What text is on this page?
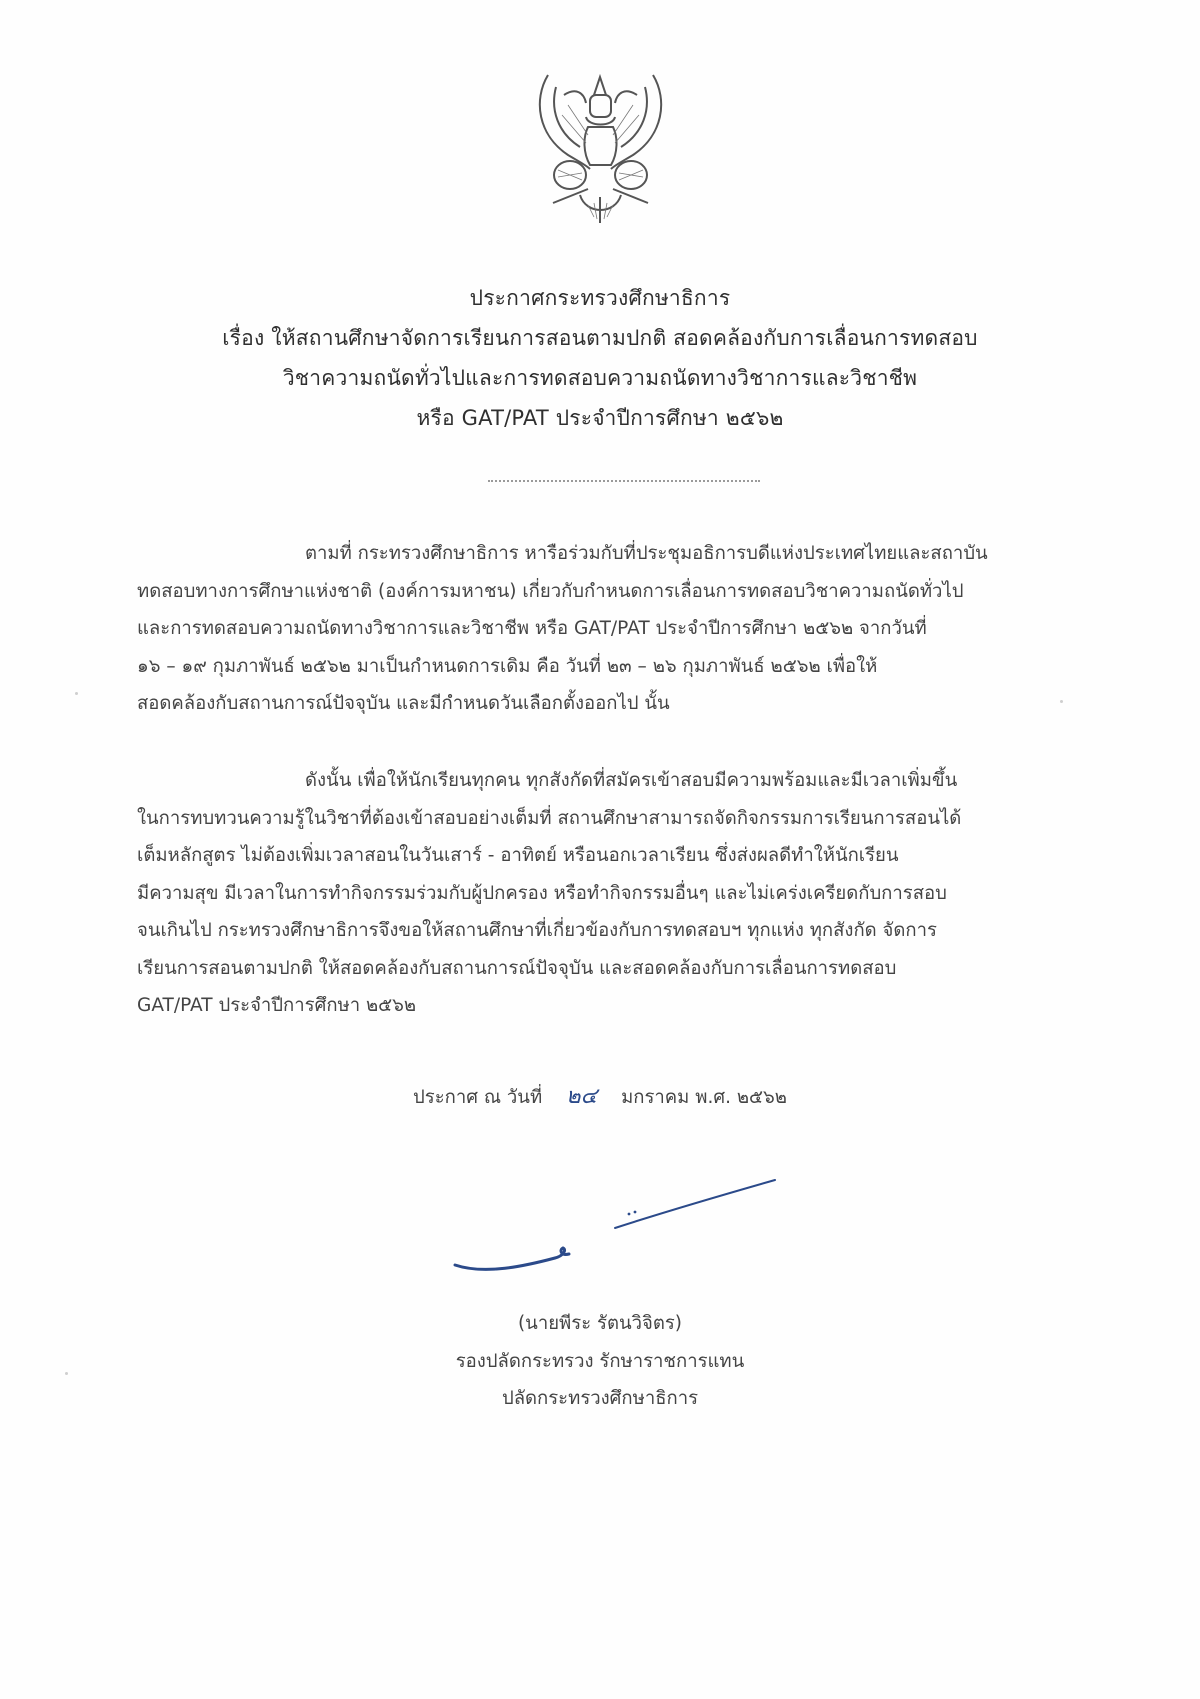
ประกาศกระทรวงศึกษาธิการ
เรื่อง ให้สถานศึกษาจัดการเรียนการสอนตามปกติ สอดคล้องกับการเลื่อนการทดสอบ
วิชาความถนัดทั่วไปและการทดสอบความถนัดทางวิชาการและวิชาชีพ
หรือ GAT/PAT ประจำปีการศึกษา ๒๕๖๒
ตามที่ กระทรวงศึกษาธิการ หารือร่วมกับที่ประชุมอธิการบดีแห่งประเทศไทยและสถาบัน
ทดสอบทางการศึกษาแห่งชาติ (องค์การมหาชน) เกี่ยวกับกำหนดการเลื่อนการทดสอบวิชาความถนัดทั่วไป
และการทดสอบความถนัดทางวิชาการและวิชาชีพ หรือ GAT/PAT ประจำปีการศึกษา ๒๕๖๒ จากวันที่
๑๖ – ๑๙ กุมภาพันธ์ ๒๕๖๒ มาเป็นกำหนดการเดิม คือ วันที่ ๒๓ – ๒๖ กุมภาพันธ์ ๒๕๖๒ เพื่อให้
สอดคล้องกับสถานการณ์ปัจจุบัน และมีกำหนดวันเลือกตั้งออกไป นั้น
ดังนั้น เพื่อให้นักเรียนทุกคน ทุกสังกัดที่สมัครเข้าสอบมีความพร้อมและมีเวลาเพิ่มขึ้น
ในการทบทวนความรู้ในวิชาที่ต้องเข้าสอบอย่างเต็มที่ สถานศึกษาสามารถจัดกิจกรรมการเรียนการสอนได้
เต็มหลักสูตร ไม่ต้องเพิ่มเวลาสอนในวันเสาร์ - อาทิตย์ หรือนอกเวลาเรียน ซึ่งส่งผลดีทำให้นักเรียน
มีความสุข มีเวลาในการทำกิจกรรมร่วมกับผู้ปกครอง หรือทำกิจกรรมอื่นๆ และไม่เคร่งเครียดกับการสอบ
จนเกินไป กระทรวงศึกษาธิการจึงขอให้สถานศึกษาที่เกี่ยวข้องกับการทดสอบฯ ทุกแห่ง ทุกสังกัด จัดการ
เรียนการสอนตามปกติ ให้สอดคล้องกับสถานการณ์ปัจจุบัน และสอดคล้องกับการเลื่อนการทดสอบ
GAT/PAT ประจำปีการศึกษา ๒๕๖๒
ประกาศ ณ วันที่ ๒๔ มกราคม พ.ศ. ๒๕๖๒
(นายพีระ รัตนวิจิตร)
รองปลัดกระทรวง รักษาราชการแทน
ปลัดกระทรวงศึกษาธิการ
